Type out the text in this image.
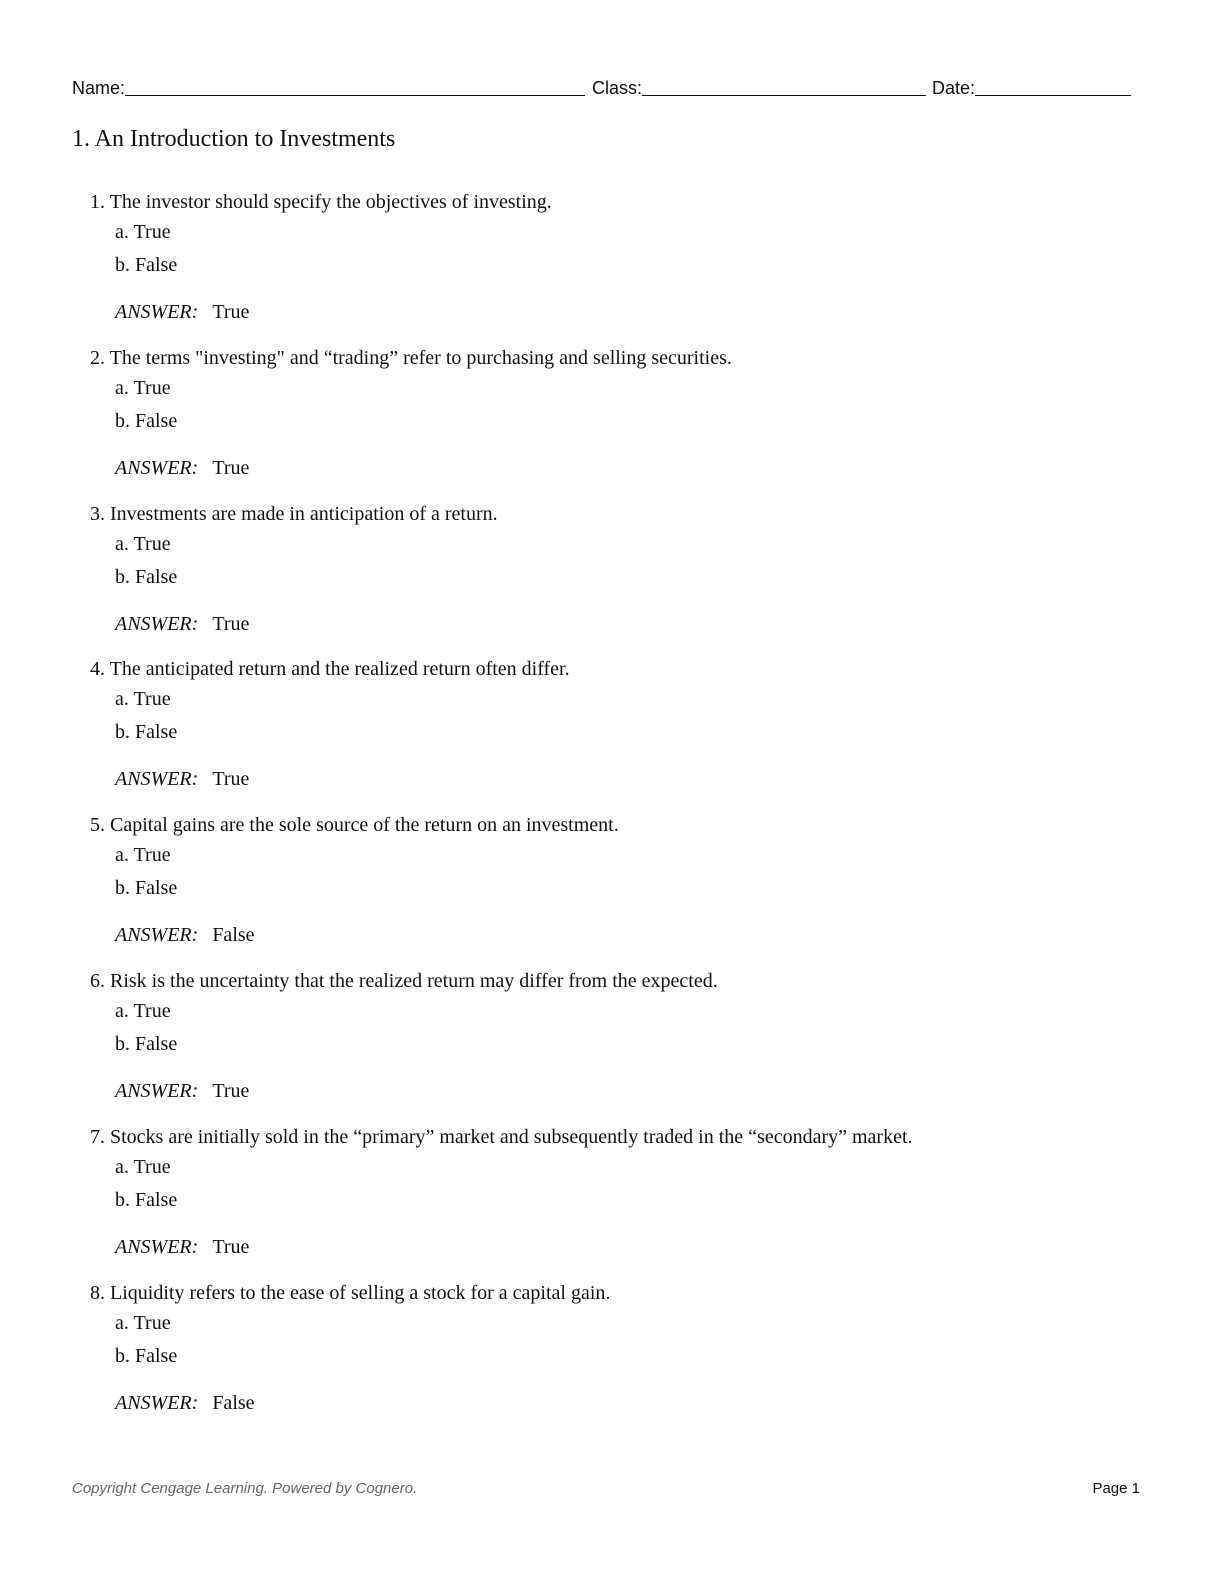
Name:	Class:	Date:
1. An Introduction to Investments
1. The investor should specify the objectives of investing.
a. True
b. False
ANSWER: True
2. The terms "investing" and “trading” refer to purchasing and selling securities.
a. True
b. False
ANSWER: True
3. Investments are made in anticipation of a return.
a. True
b. False
ANSWER: True
4. The anticipated return and the realized return often differ.
a. True
b. False
ANSWER: True
5. Capital gains are the sole source of the return on an investment.
a. True
b. False
ANSWER: False
6. Risk is the uncertainty that the realized return may differ from the expected.
a. True
b. False
ANSWER: True
7. Stocks are initially sold in the “primary” market and subsequently traded in the “secondary” market.
a. True
b. False
ANSWER: True
8. Liquidity refers to the ease of selling a stock for a capital gain.
a. True
b. False
ANSWER: False
Copyright Cengage Learning. Powered by Cognero.	Page 1
